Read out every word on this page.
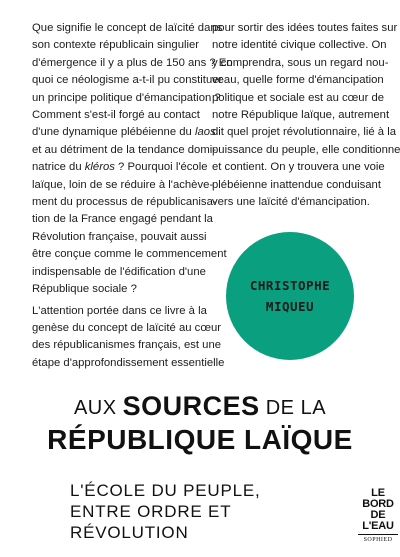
Que signifie le concept de laïcité dans
son contexte républicain singulier
d'émergence il y a plus de 150 ans ? En
quoi ce néologisme a-t-il pu constituer
un principe politique d'émancipation ?
Comment s'est-il forgé au contact
d'une dynamique plébéienne du laos
et au détriment de la tendance domi-
natrice du kléros ? Pourquoi l'école
laïque, loin de se réduire à l'achève-
ment du processus de républicanisa-
tion de la France engagé pendant la
Révolution française, pouvait aussi
être conçue comme le commencement
indispensable de l'édification d'une
République sociale ?

L'attention portée dans ce livre à la
genèse du concept de laïcité au cœur
des républicanismes français, est une
étape d'approfondissement essentielle

pour sortir des idées toutes faites sur
notre identité civique collective. On
y comprendra, sous un regard nou-
veau, quelle forme d'émancipation
politique et sociale est au cœur de
notre République laïque, autrement
dit quel projet révolutionnaire, lié à la
puissance du peuple, elle conditionne
et contient. On y trouvera une voie
plébéienne inattendue conduisant
vers une laïcité d'émancipation.

CHRISTOPHE
MIQUEU
AUX SOURCES DE LA
RÉPUBLIQUE LAÏQUE
L'ÉCOLE DU PEUPLE,
ENTRE ORDRE ET RÉVOLUTION
LE BORD
DE L'EAU
SOPHIED
